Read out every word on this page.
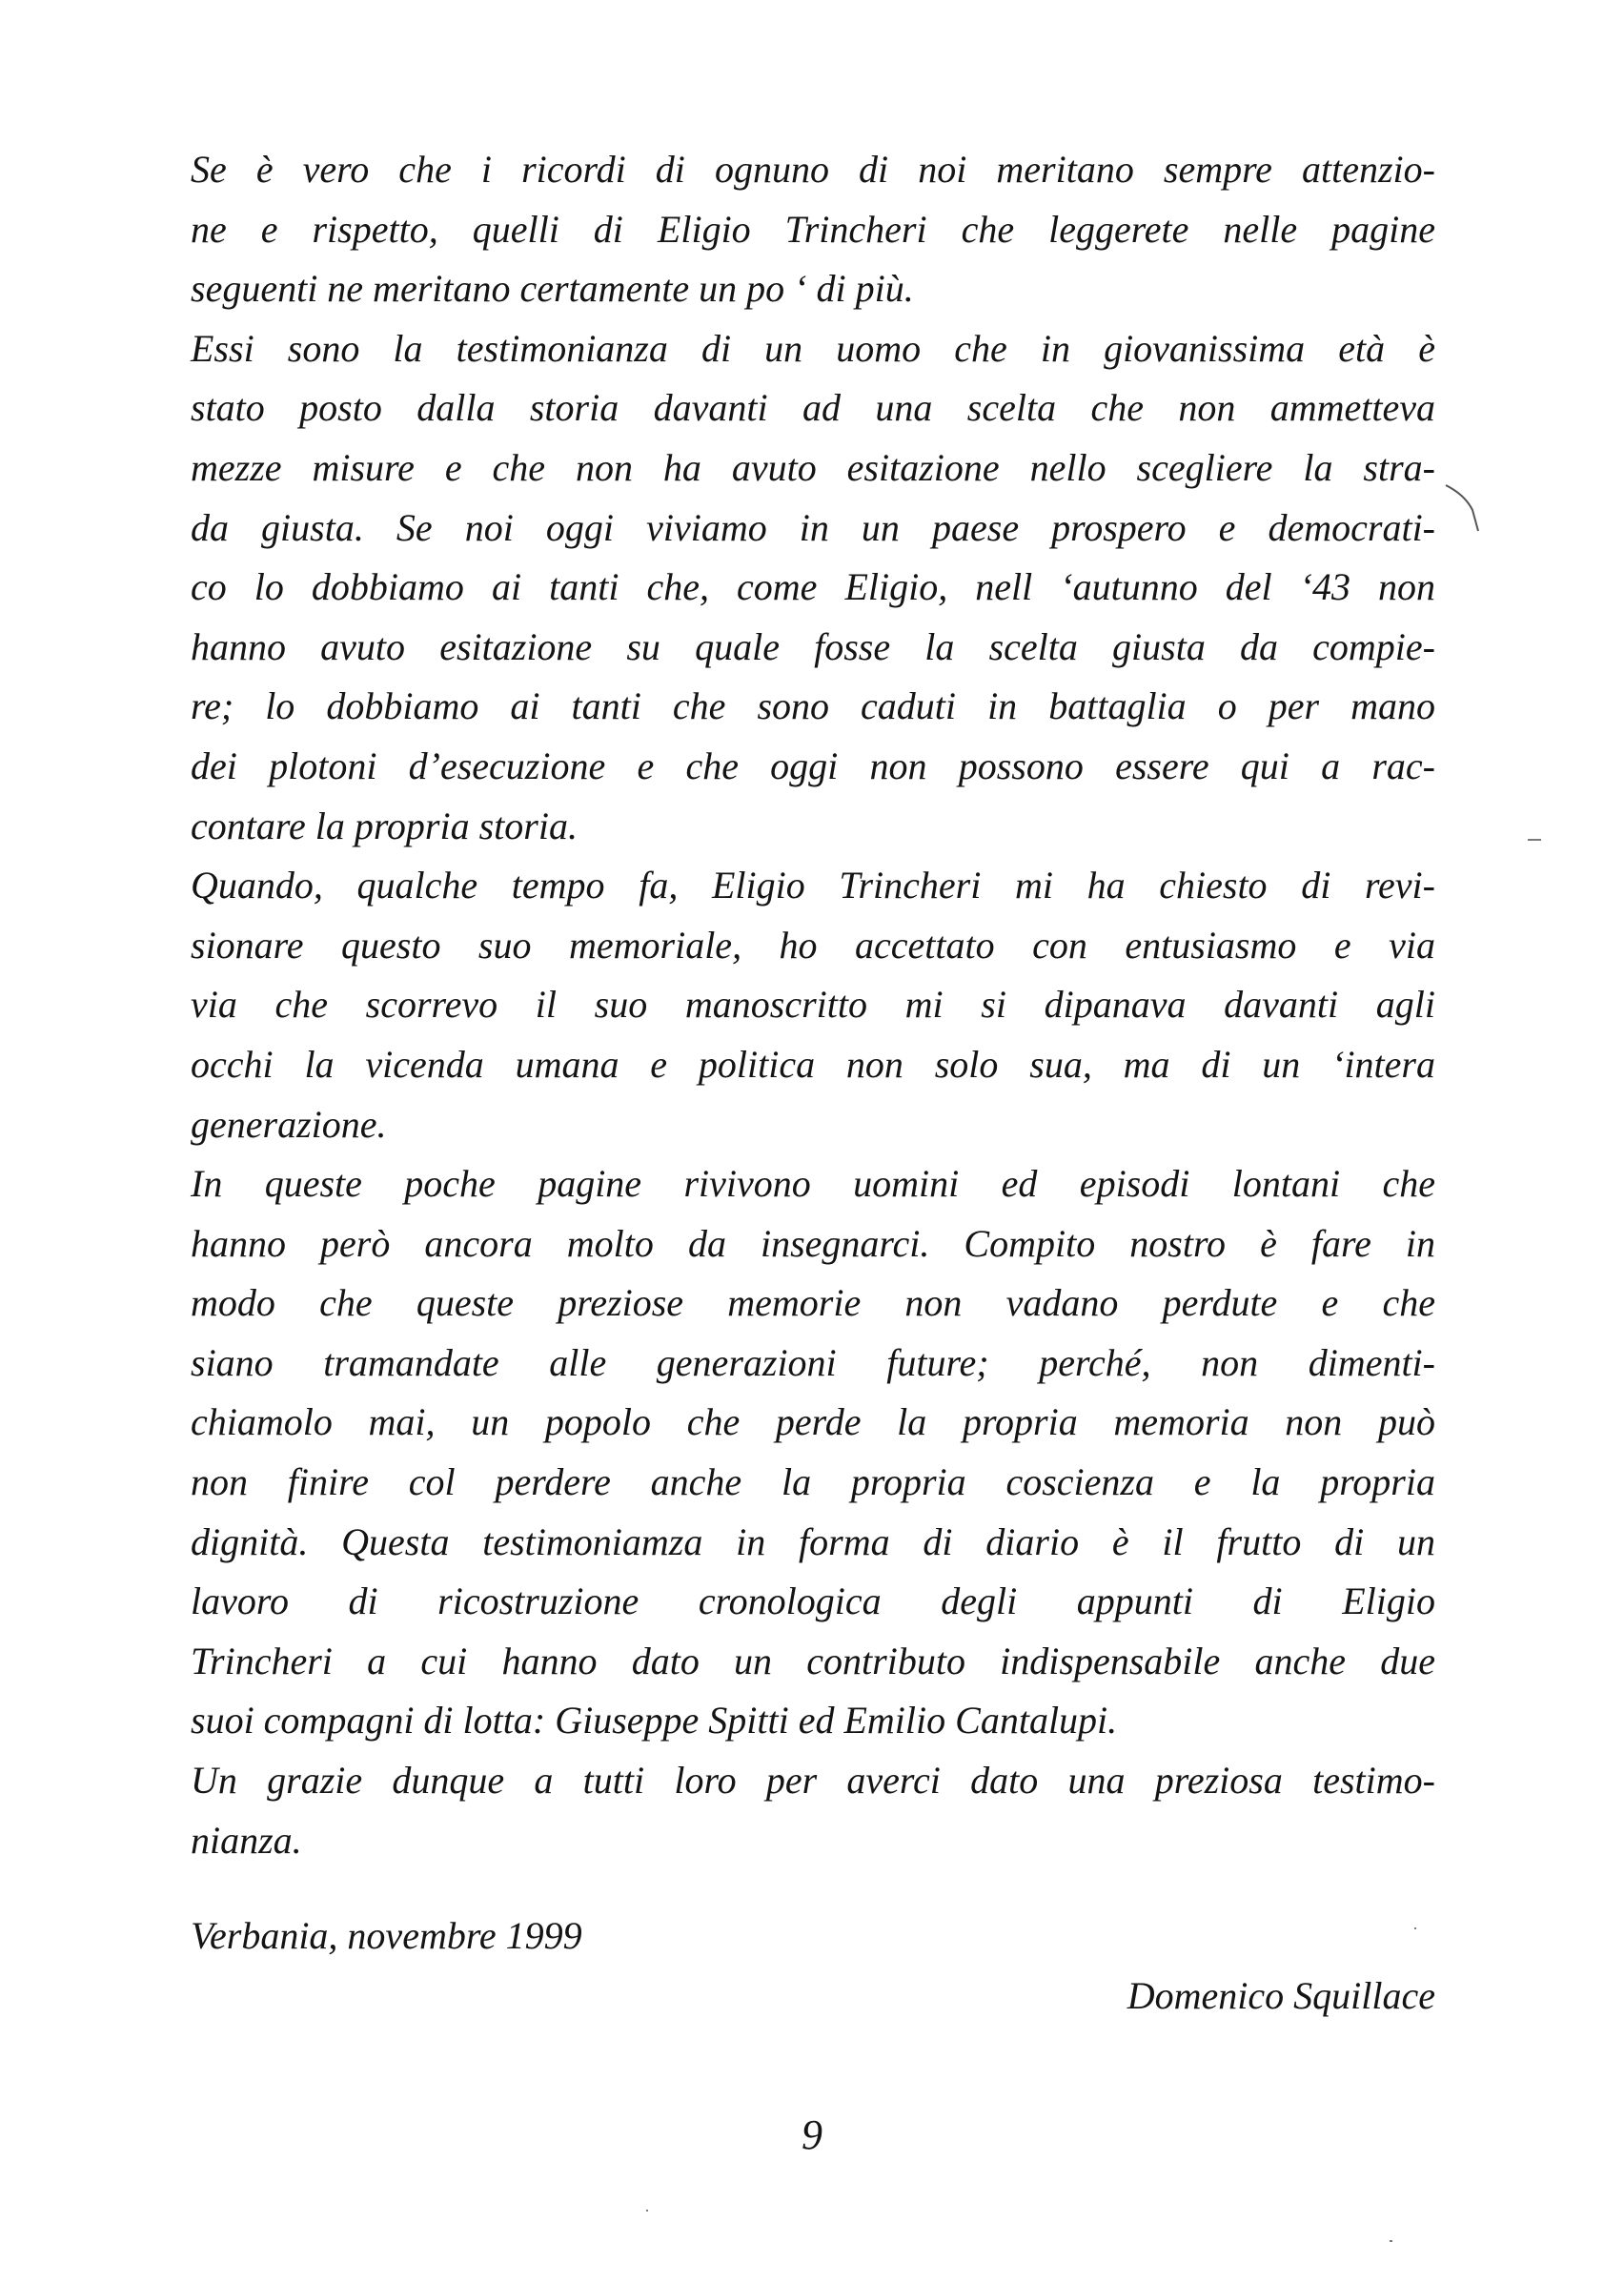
Se è vero che i ricordi di ognuno di noi meritano sempre attenzio-
ne e rispetto, quelli di Eligio Trincheri che leggerete nelle pagine
seguenti ne meritano certamente un po ‘ di più.
Essi sono la testimonianza di un uomo che in giovanissima età è
stato posto dalla storia davanti ad una scelta che non ammetteva
mezze misure e che non ha avuto esitazione nello scegliere la stra-
da giusta. Se noi oggi viviamo in un paese prospero e democrati-
co lo dobbiamo ai tanti che, come Eligio, nell ‘autunno del ‘43 non
hanno avuto esitazione su quale fosse la scelta giusta da compie-
re; lo dobbiamo ai tanti che sono caduti in battaglia o per mano
dei plotoni d’esecuzione e che oggi non possono essere qui a rac-
contare la propria storia.
Quando, qualche tempo fa, Eligio Trincheri mi ha chiesto di revi-
sionare questo suo memoriale, ho accettato con entusiasmo e via
via che scorrevo il suo manoscritto mi si dipanava davanti agli
occhi la vicenda umana e politica non solo sua, ma di un ‘intera
generazione.
In queste poche pagine rivivono uomini ed episodi lontani che
hanno però ancora molto da insegnarci. Compito nostro è fare in
modo che queste preziose memorie non vadano perdute e che
siano tramandate alle generazioni future; perché, non dimenti-
chiamolo mai, un popolo che perde la propria memoria non può
non finire col perdere anche la propria coscienza e la propria
dignità. Questa testimoniamza in forma di diario è il frutto di un
lavoro di ricostruzione cronologica degli appunti di Eligio
Trincheri a cui hanno dato un contributo indispensabile anche due
suoi compagni di lotta: Giuseppe Spitti ed Emilio Cantalupi.
Un grazie dunque a tutti loro per averci dato una preziosa testimo-
nianza.
Verbania, novembre 1999
Domenico Squillace
9
